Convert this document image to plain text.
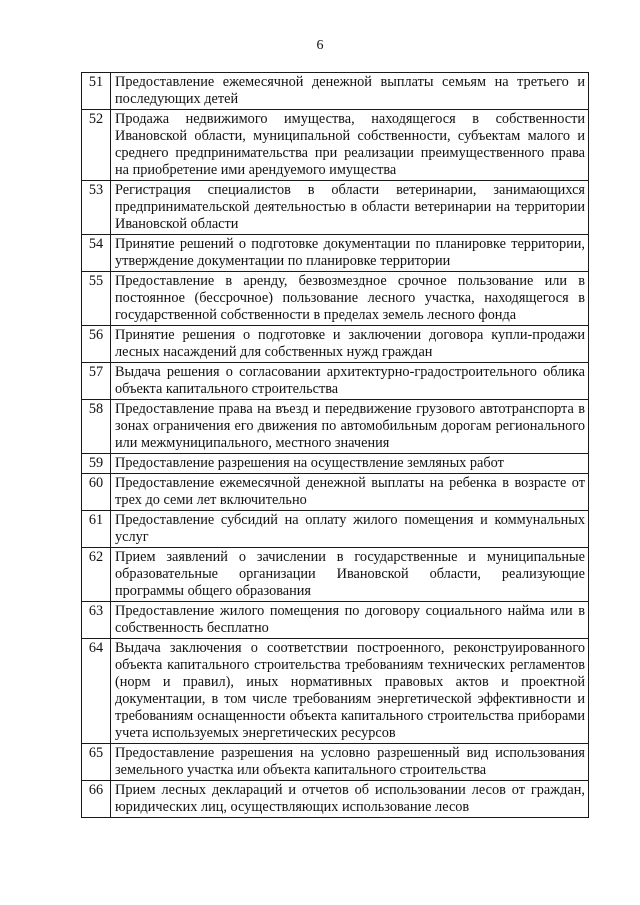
6
51	Предоставление ежемесячной денежной выплаты семьям на третьего и последующих детей
52	Продажа недвижимого имущества, находящегося в собственности Ивановской области, муниципальной собственности, субъектам малого и среднего предпринимательства при реализации преимущественного права на приобретение ими арендуемого имущества
53	Регистрация специалистов в области ветеринарии, занимающихся предпринимательской деятельностью в области ветеринарии на территории Ивановской области
54	Принятие решений о подготовке документации по планировке территории, утверждение документации по планировке территории
55	Предоставление в аренду, безвозмездное срочное пользование или в постоянное (бессрочное) пользование лесного участка, находящегося в государственной собственности в пределах земель лесного фонда
56	Принятие решения о подготовке и заключении договора купли-продажи лесных насаждений для собственных нужд граждан
57	Выдача решения о согласовании архитектурно-градостроительного облика объекта капитального строительства
58	Предоставление права на въезд и передвижение грузового автотранспорта в зонах ограничения его движения по автомобильным дорогам регионального или межмуниципального, местного значения
59	Предоставление разрешения на осуществление земляных работ
60	Предоставление ежемесячной денежной выплаты на ребенка в возрасте от трех до семи лет включительно
61	Предоставление субсидий на оплату жилого помещения и коммунальных услуг
62	Прием заявлений о зачислении в государственные и муниципальные образовательные организации Ивановской области, реализующие программы общего образования
63	Предоставление жилого помещения по договору социального найма или в собственность бесплатно
64	Выдача заключения о соответствии построенного, реконструированного объекта капитального строительства требованиям технических регламентов (норм и правил), иных нормативных правовых актов и проектной документации, в том числе требованиям энергетической эффективности и требованиям оснащенности объекта капитального строительства приборами учета используемых энергетических ресурсов
65	Предоставление разрешения на условно разрешенный вид использования земельного участка или объекта капитального строительства
66	Прием лесных деклараций и отчетов об использовании лесов от граждан, юридических лиц, осуществляющих использование лесов
